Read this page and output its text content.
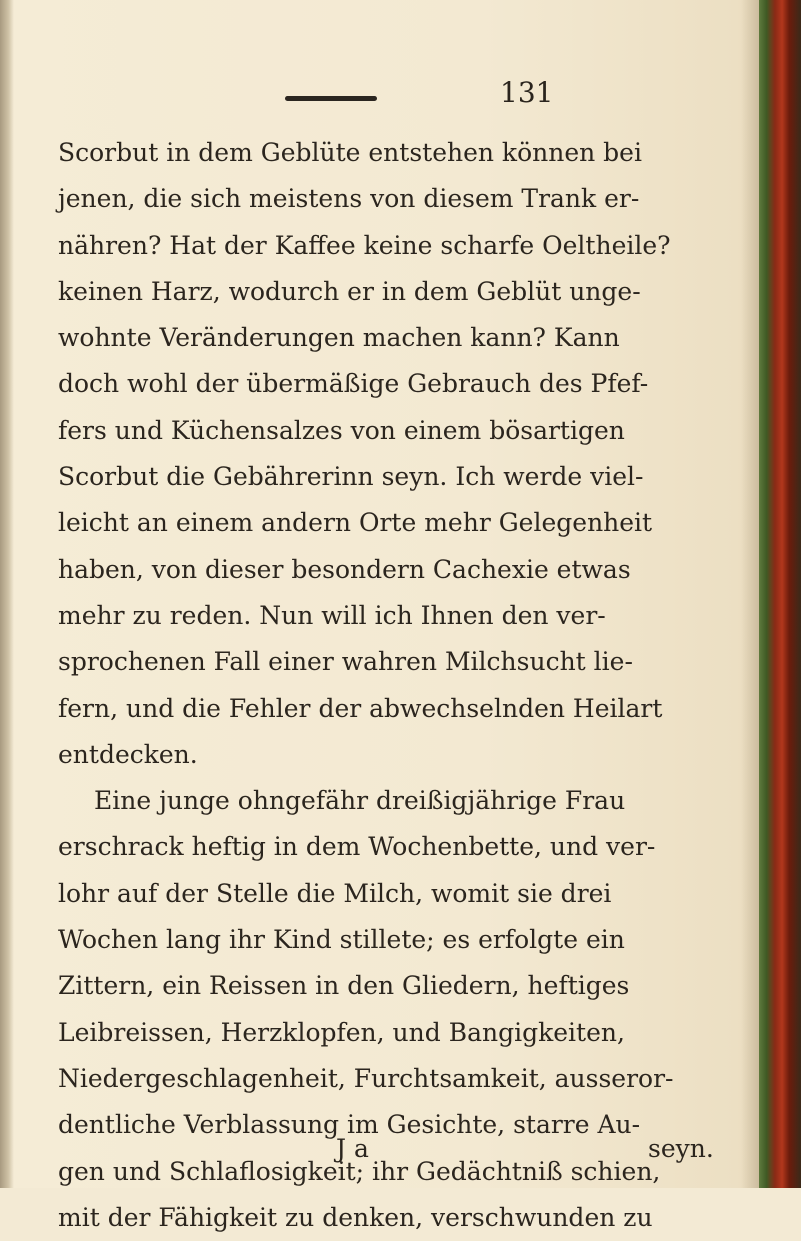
131
Scorbut in dem Geblüte entstehen können bei
jenen, die sich meistens von diesem Trank er-
nähren? Hat der Kaffee keine scharfe Oeltheile?
keinen Harz, wodurch er in dem Geblüt unge-
wohnte Veränderungen machen kann? Kann
doch wohl der übermäßige Gebrauch des Pfef-
fers und Küchensalzes von einem bösartigen
Scorbut die Gebährerinn seyn. Ich werde viel-
leicht an einem andern Orte mehr Gelegenheit
haben, von dieser besondern Cachexie etwas
mehr zu reden. Nun will ich Ihnen den ver-
sprochenen Fall einer wahren Milchsucht lie-
fern, und die Fehler der abwechselnden Heilart
entdecken.
Eine junge ohngefähr dreißigjährige Frau
erschrack heftig in dem Wochenbette, und ver-
lohr auf der Stelle die Milch, womit sie drei
Wochen lang ihr Kind stillete; es erfolgte ein
Zittern, ein Reissen in den Gliedern, heftiges
Leibreissen, Herzklopfen, und Bangigkeiten,
Niedergeschlagenheit, Furchtsamkeit, ausseror-
dentliche Verblassung im Gesichte, starre Au-
gen und Schlaflosigkeit; ihr Gedächtniß schien,
mit der Fähigkeit zu denken, verschwunden zu
J a	seyn.
